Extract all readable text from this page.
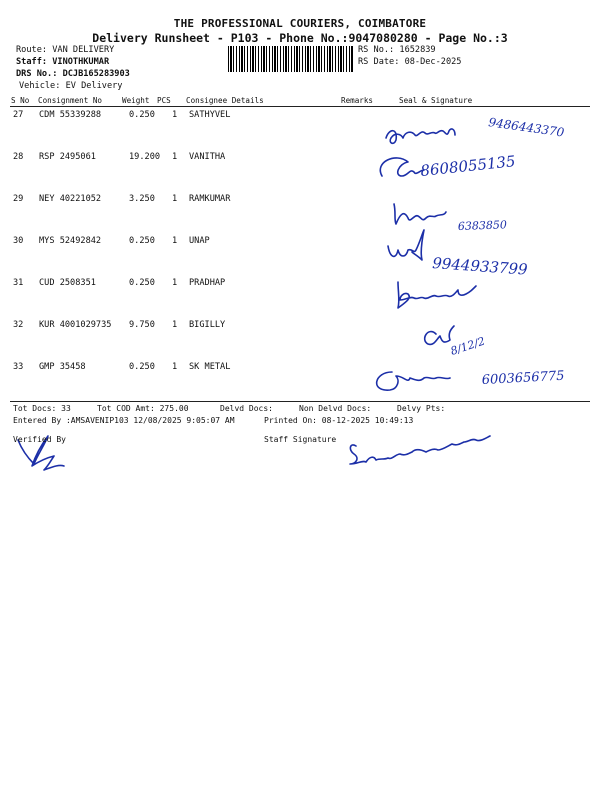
THE PROFESSIONAL COURIERS, COIMBATORE
Delivery Runsheet - P103 - Phone No.:9047080280 - Page No.:3
Route: VAN DELIVERY
Staff: VINOTHKUMAR
DRS No.: DCJB165283903
Vehicle: EV Delivery
RS No.: 1652839
RS Date: 08-Dec-2025
S No Consignment No	Weight PCS Consignee Details	Remarks	Seal & Signature
27 CDM 55339288	0.250 1 SATHYVEL
28 RSP 2495061	19.200 1 VANITHA
29 NEY 40221052	3.250 1 RAMKUMAR
30 MYS 52492842	0.250 1 UNAP
31 CUD 2508351	0.250 1 PRADHAP
32 KUR 4001029735 9.750 1 BIGILLY
33 GMP 35458	0.250 1 SK METAL
9486443370
8608055135
6383850
9944933799
8/12/2
6003656775
Tot Docs: 33	Tot COD Amt: 275.00	Delvd Docs:	Non Delvd Docs:	Delvy Pts:
Entered By :AMSAVENIP103 12/08/2025 9:05:07 AM	Printed On: 08-12-2025 10:49:13
Verified By	Staff Signature
